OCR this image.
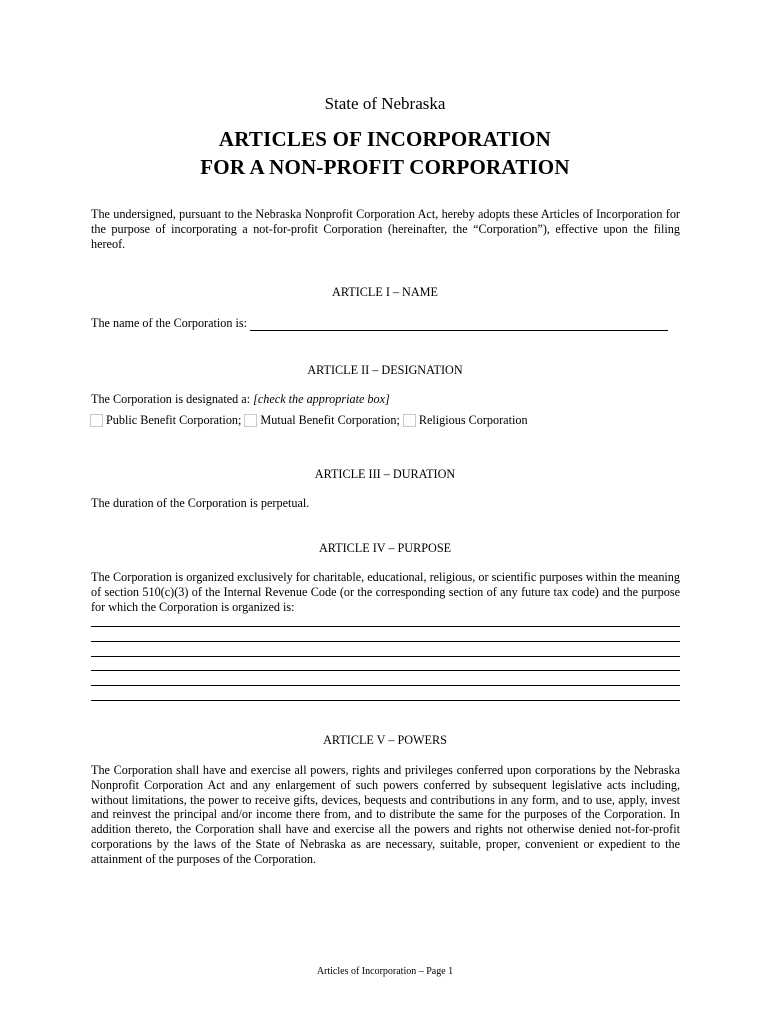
State of Nebraska
ARTICLES OF INCORPORATION
FOR A NON-PROFIT CORPORATION
The undersigned, pursuant to the Nebraska Nonprofit Corporation Act, hereby adopts these Articles of Incorporation for the purpose of incorporating a not-for-profit Corporation (hereinafter, the “Corporation”), effective upon the filing hereof.
ARTICLE I – NAME
The name of the Corporation is:
ARTICLE II – DESIGNATION
The Corporation is designated a: [check the appropriate box]
Public Benefit Corporation; Mutual Benefit Corporation; Religious Corporation
ARTICLE III – DURATION
The duration of the Corporation is perpetual.
ARTICLE IV – PURPOSE
The Corporation is organized exclusively for charitable, educational, religious, or scientific purposes within the meaning of section 510(c)(3) of the Internal Revenue Code (or the corresponding section of any future tax code) and the purpose for which the Corporation is organized is:
ARTICLE V – POWERS
The Corporation shall have and exercise all powers, rights and privileges conferred upon corporations by the Nebraska Nonprofit Corporation Act and any enlargement of such powers conferred by subsequent legislative acts including, without limitations, the power to receive gifts, devices, bequests and contributions in any form, and to use, apply, invest and reinvest the principal and/or income there from, and to distribute the same for the purposes of the Corporation. In addition thereto, the Corporation shall have and exercise all the powers and rights not otherwise denied not-for-profit corporations by the laws of the State of Nebraska as are necessary, suitable, proper, convenient or expedient to the attainment of the purposes of the Corporation.
Articles of Incorporation – Page 1
